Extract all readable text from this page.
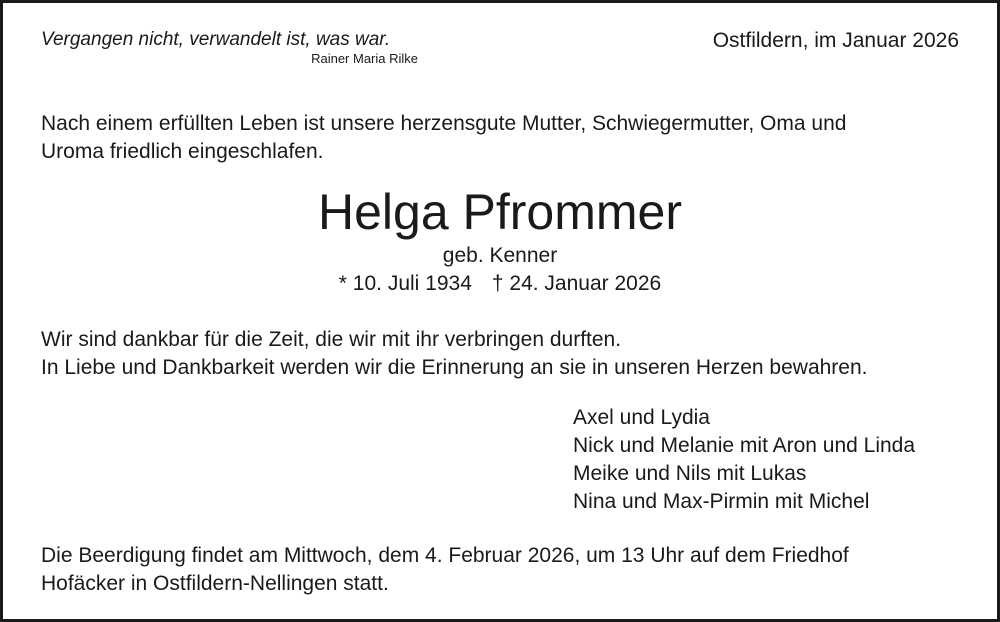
Vergangen nicht, verwandelt ist, was war.
Rainer Maria Rilke
Ostfildern, im Januar 2026

Nach einem erfüllten Leben ist unsere herzensgute Mutter, Schwiegermutter, Oma und

Uroma friedlich eingeschlafen.

Helga Pfrommer
geb. Kenner
* 10. Juli 1934 † 24. Januar 2026

Wir sind dankbar für die Zeit, die wir mit ihr verbringen durften.

In Liebe und Dankbarkeit werden wir die Erinnerung an sie in unseren Herzen bewahren.

Axel und Lydia
Nick und Melanie mit Aron und Linda
Meike und Nils mit Lukas
Nina und Max-Pirmin mit Michel

Die Beerdigung findet am Mittwoch, dem 4. Februar 2026, um 13 Uhr auf dem Friedhof

Hofäcker in Ostfildern-Nellingen statt.
